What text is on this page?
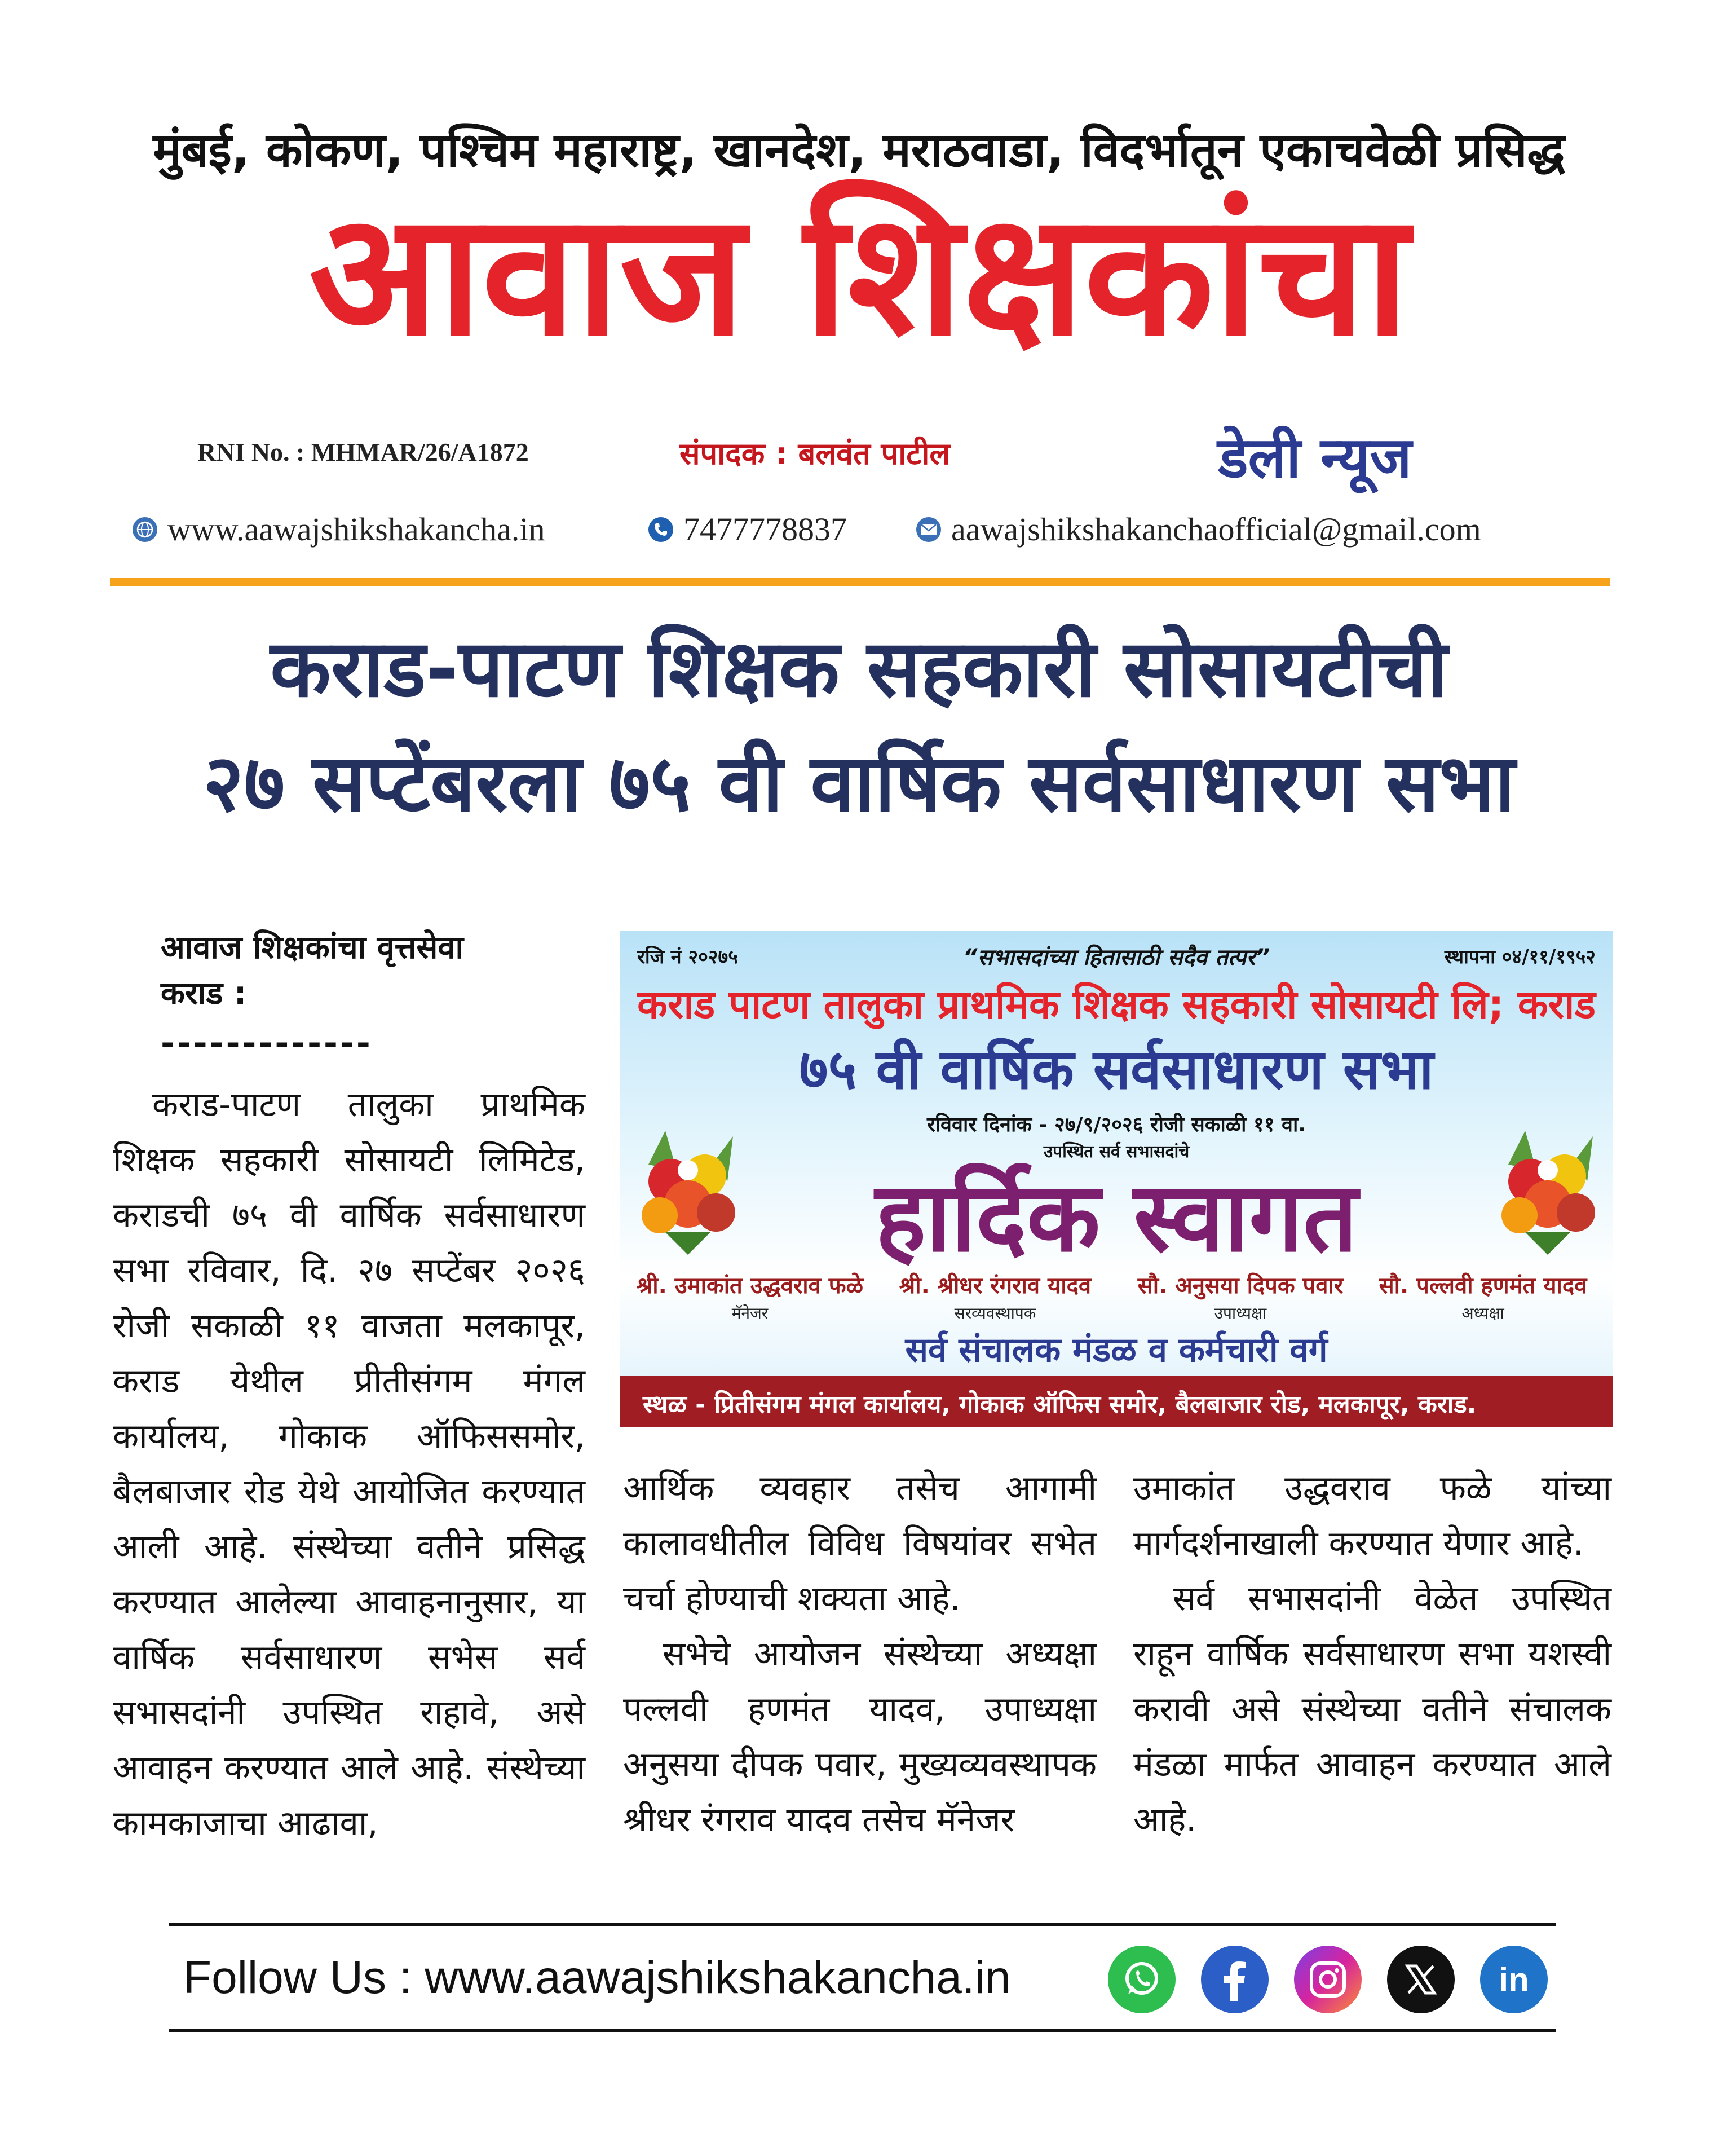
मुंबई, कोकण, पश्चिम महाराष्ट्र, खानदेश, मराठवाडा, विदर्भातून एकाचवेळी प्रसिद्ध
आवाज शिक्षकांचा
RNI No. : MHMAR/26/A1872	संपादक : बलवंत पाटील	डेली न्यूज
www.aawajshikshakancha.in	7477778837	aawajshikshakanchaofficial@gmail.com
कराड-पाटण शिक्षक सहकारी सोसायटीची
२७ सप्टेंबरला ७५ वी वार्षिक सर्वसाधारण सभा
आवाज शिक्षकांचा वृत्तसेवा
कराड :
-------------

कराड-पाटण तालुका प्राथमिक शिक्षक सहकारी सोसायटी लिमिटेड, कराडची ७५ वी वार्षिक सर्वसाधारण सभा रविवार, दि. २७ सप्टेंबर २०२६ रोजी सकाळी ११ वाजता मलकापूर, कराड येथील प्रीतीसंगम मंगल कार्यालय, गोकाक ऑफिससमोर, बैलबाजार रोड येथे आयोजित करण्यात आली आहे. संस्थेच्या वतीने प्रसिद्ध करण्यात आलेल्या आवाहनानुसार, या वार्षिक सर्वसाधारण सभेस सर्व सभासदांनी उपस्थित राहावे, असे आवाहन करण्यात आले आहे. संस्थेच्या कामकाजाचा आढावा,

रजि नं २०२७५	“सभासदांच्या हितासाठी सदैव तत्पर”	स्थापना ०४/११/१९५२
कराड पाटण तालुका प्राथमिक शिक्षक सहकारी सोसायटी लि; कराड
७५ वी वार्षिक सर्वसाधारण सभा
रविवार दिनांक - २७/९/२०२६ रोजी सकाळी ११ वा.
उपस्थित सर्व सभासदांचे
हार्दिक स्वागत
श्री. उमाकांत उद्धवराव फळे
मॅनेजर
श्री. श्रीधर रंगराव यादव
सरव्यवस्थापक
सौ. अनुसया दिपक पवार
उपाध्यक्षा
सौ. पल्लवी हणमंत यादव
अध्यक्षा
सर्व संचालक मंडळ व कर्मचारी वर्ग
स्थळ - प्रितीसंगम मंगल कार्यालय, गोकाक ऑफिस समोर, बैलबाजार रोड, मलकापूर, कराड.

आर्थिक व्यवहार तसेच आगामी कालावधीतील विविध विषयांवर सभेत चर्चा होण्याची शक्यता आहे.

सभेचे आयोजन संस्थेच्या अध्यक्षा पल्लवी हणमंत यादव, उपाध्यक्षा अनुसया दीपक पवार, मुख्यव्यवस्थापक श्रीधर रंगराव यादव तसेच मॅनेजर

उमाकांत उद्धवराव फळे यांच्या मार्गदर्शनाखाली करण्यात येणार आहे.

सर्व सभासदांनी वेळेत उपस्थित राहून वार्षिक सर्वसाधारण सभा यशस्वी करावी असे संस्थेच्या वतीने संचालक मंडळा मार्फत आवाहन करण्यात आले आहे.

Follow Us : www.aawajshikshakancha.in	in
